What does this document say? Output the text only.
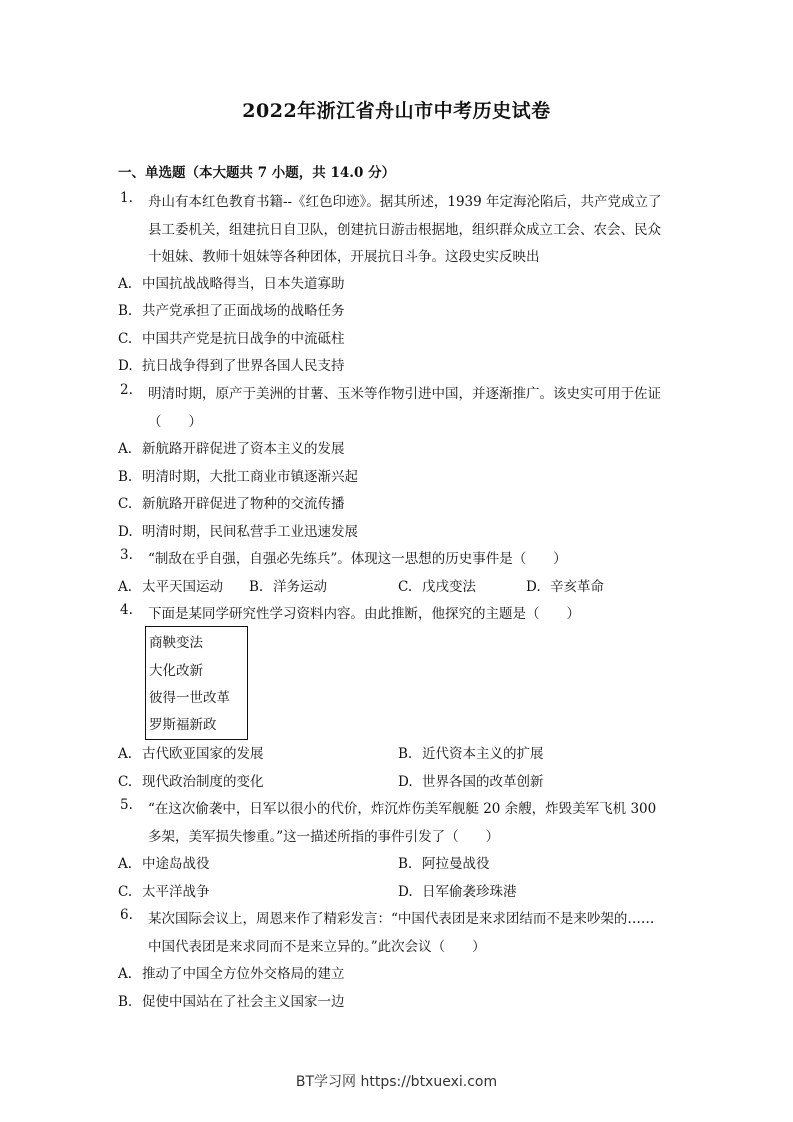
2022年浙江省舟山市中考历史试卷
一、单选题（本大题共 7 小题，共 14.0 分）
1. 舟山有本红色教育书籍--《红色印迹》。据其所述，1939 年定海沦陷后，共产党成立了
县工委机关，组建抗日自卫队，创建抗日游击根据地，组织群众成立工会、农会、民众
十姐妹、教师十姐妹等各种团体，开展抗日斗争。这段史实反映出
A. 中国抗战战略得当，日本失道寡助
B. 共产党承担了正面战场的战略任务
C. 中国共产党是抗日战争的中流砥柱
D. 抗日战争得到了世界各国人民支持
2. 明清时期，原产于美洲的甘薯、玉米等作物引进中国，并逐渐推广。该史实可用于佐证
（　　）
A. 新航路开辟促进了资本主义的发展
B. 明清时期，大批工商业市镇逐渐兴起
C. 新航路开辟促进了物种的交流传播
D. 明清时期，民间私营手工业迅速发展
3. “制敌在乎自强，自强必先练兵”。体现这一思想的历史事件是（　　）
A. 太平天国运动 B. 洋务运动	C. 戊戌变法	D. 辛亥革命
4. 下面是某同学研究性学习资料内容。由此推断，他探究的主题是（　　）
商鞅变法
大化改新
彼得一世改革
罗斯福新政
A. 古代欧亚国家的发展	B. 近代资本主义的扩展
C. 现代政治制度的变化	D. 世界各国的改革创新
5. “在这次偷袭中，日军以很小的代价，炸沉炸伤美军舰艇 20 余艘，炸毁美军飞机 300
多架，美军损失惨重。”这一描述所指的事件引发了（　　）
A. 中途岛战役	B. 阿拉曼战役
C. 太平洋战争	D. 日军偷袭珍珠港
6. 某次国际会议上，周恩来作了精彩发言：“中国代表团是来求团结而不是来吵架的……
中国代表团是来求同而不是来立异的。”此次会议（　　）
A. 推动了中国全方位外交格局的建立
B. 促使中国站在了社会主义国家一边
BT学习网 https://btxuexi.com
